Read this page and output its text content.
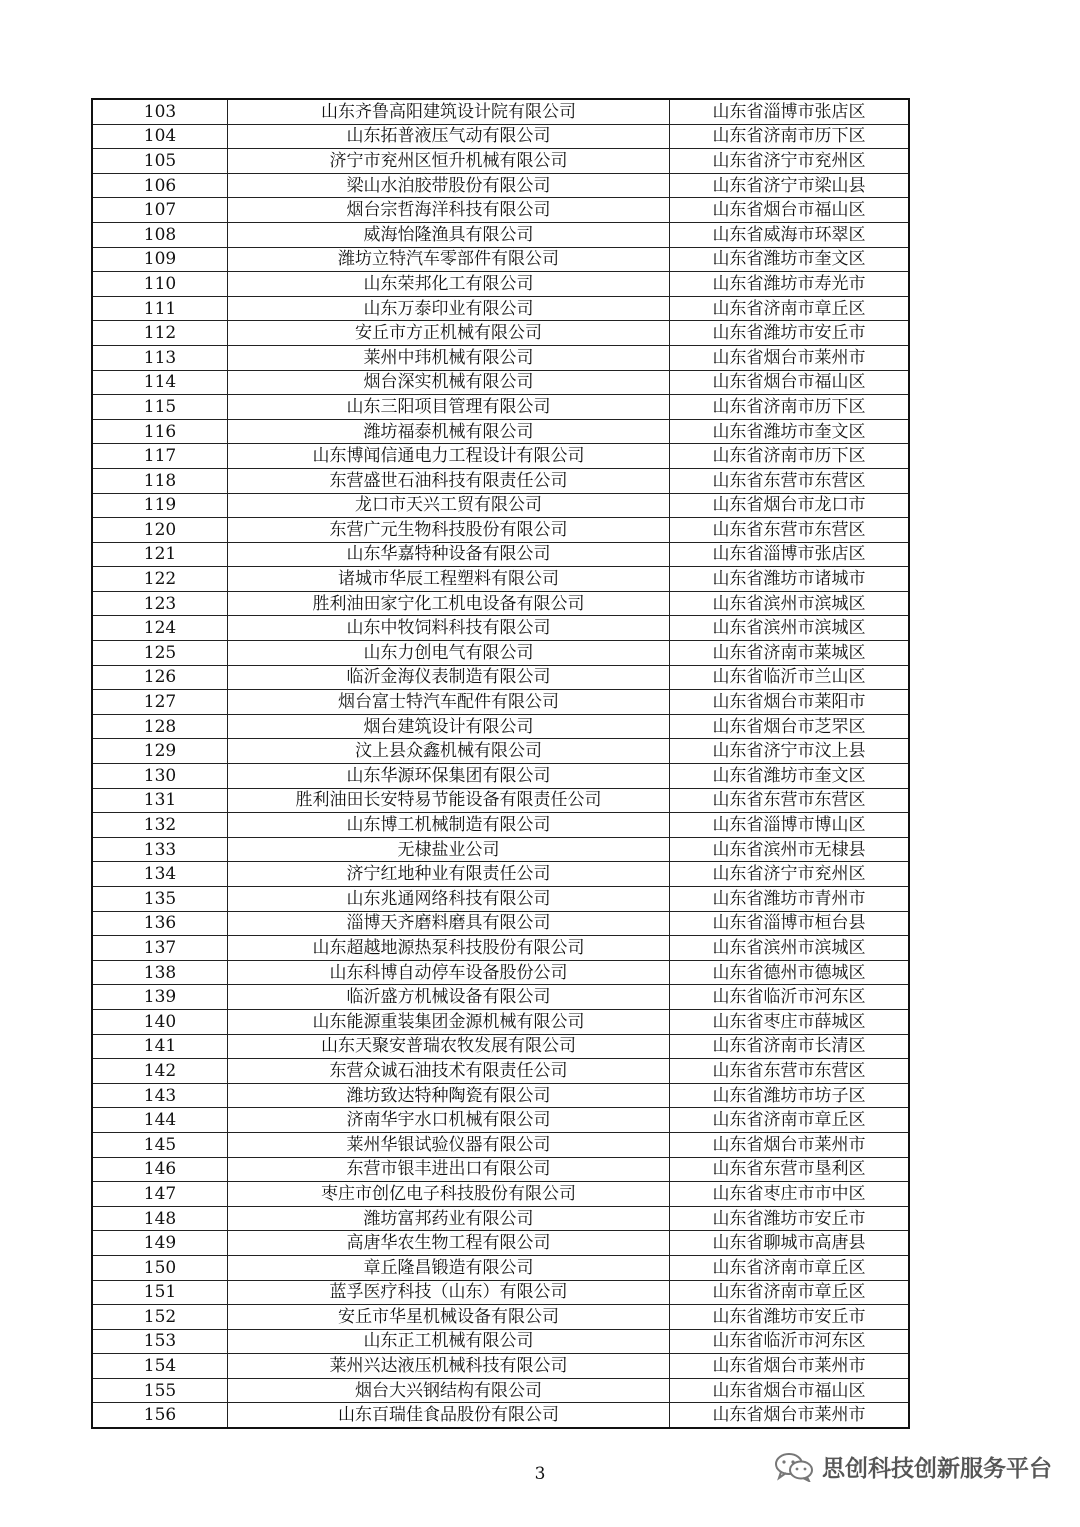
103	山东齐鲁高阳建筑设计院有限公司	山东省淄博市张店区
104	山东拓普液压气动有限公司	山东省济南市历下区
105	济宁市兖州区恒升机械有限公司	山东省济宁市兖州区
106	梁山水泊胶带股份有限公司	山东省济宁市梁山县
107	烟台宗哲海洋科技有限公司	山东省烟台市福山区
108	威海怡隆渔具有限公司	山东省威海市环翠区
109	潍坊立特汽车零部件有限公司	山东省潍坊市奎文区
110	山东荣邦化工有限公司	山东省潍坊市寿光市
111	山东万泰印业有限公司	山东省济南市章丘区
112	安丘市方正机械有限公司	山东省潍坊市安丘市
113	莱州中玮机械有限公司	山东省烟台市莱州市
114	烟台深实机械有限公司	山东省烟台市福山区
115	山东三阳项目管理有限公司	山东省济南市历下区
116	潍坊福泰机械有限公司	山东省潍坊市奎文区
117	山东博闻信通电力工程设计有限公司	山东省济南市历下区
118	东营盛世石油科技有限责任公司	山东省东营市东营区
119	龙口市天兴工贸有限公司	山东省烟台市龙口市
120	东营广元生物科技股份有限公司	山东省东营市东营区
121	山东华嘉特种设备有限公司	山东省淄博市张店区
122	诸城市华辰工程塑料有限公司	山东省潍坊市诸城市
123	胜利油田家宁化工机电设备有限公司	山东省滨州市滨城区
124	山东中牧饲料科技有限公司	山东省滨州市滨城区
125	山东力创电气有限公司	山东省济南市莱城区
126	临沂金海仪表制造有限公司	山东省临沂市兰山区
127	烟台富士特汽车配件有限公司	山东省烟台市莱阳市
128	烟台建筑设计有限公司	山东省烟台市芝罘区
129	汶上县众鑫机械有限公司	山东省济宁市汶上县
130	山东华源环保集团有限公司	山东省潍坊市奎文区
131	胜利油田长安特易节能设备有限责任公司	山东省东营市东营区
132	山东博工机械制造有限公司	山东省淄博市博山区
133	无棣盐业公司	山东省滨州市无棣县
134	济宁红地种业有限责任公司	山东省济宁市兖州区
135	山东兆通网络科技有限公司	山东省潍坊市青州市
136	淄博天齐磨料磨具有限公司	山东省淄博市桓台县
137	山东超越地源热泵科技股份有限公司	山东省滨州市滨城区
138	山东科博自动停车设备股份公司	山东省德州市德城区
139	临沂盛方机械设备有限公司	山东省临沂市河东区
140	山东能源重装集团金源机械有限公司	山东省枣庄市薛城区
141	山东天聚安普瑞农牧发展有限公司	山东省济南市长清区
142	东营众诚石油技术有限责任公司	山东省东营市东营区
143	潍坊致达特种陶瓷有限公司	山东省潍坊市坊子区
144	济南华宇水口机械有限公司	山东省济南市章丘区
145	莱州华银试验仪器有限公司	山东省烟台市莱州市
146	东营市银丰进出口有限公司	山东省东营市垦利区
147	枣庄市创亿电子科技股份有限公司	山东省枣庄市市中区
148	潍坊富邦药业有限公司	山东省潍坊市安丘市
149	高唐华农生物工程有限公司	山东省聊城市高唐县
150	章丘隆昌锻造有限公司	山东省济南市章丘区
151	蓝孚医疗科技（山东）有限公司	山东省济南市章丘区
152	安丘市华星机械设备有限公司	山东省潍坊市安丘市
153	山东正工机械有限公司	山东省临沂市河东区
154	莱州兴达液压机械科技有限公司	山东省烟台市莱州市
155	烟台大兴钢结构有限公司	山东省烟台市福山区
156	山东百瑞佳食品股份有限公司	山东省烟台市莱州市
3	思创科技创新服务平台
